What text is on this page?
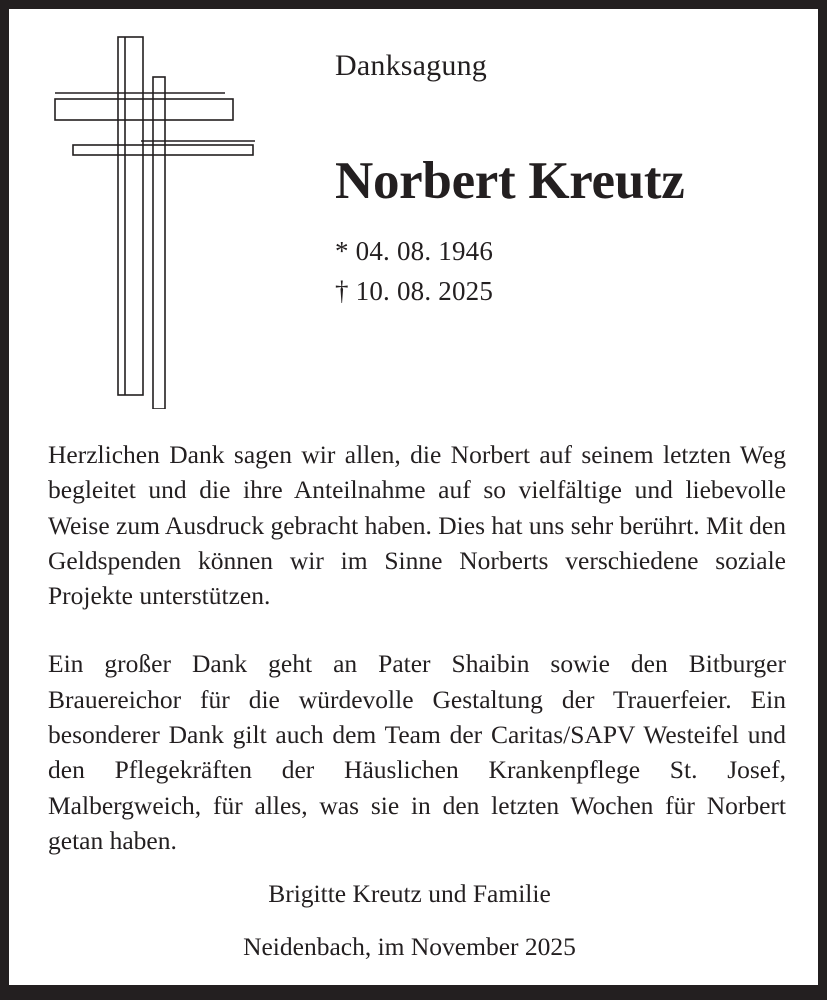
Danksagung
Norbert Kreutz
* 04. 08. 1946
† 10. 08. 2025

Herzlichen Dank sagen wir allen, die Norbert auf seinem letzten Weg begleitet und die ihre Anteilnahme auf so vielfältige und liebevolle Weise zum Ausdruck gebracht haben. Dies hat uns sehr berührt. Mit den Geldspenden können wir im Sinne Norberts verschiedene soziale Projekte unterstützen.

Ein großer Dank geht an Pater Shaibin sowie den Bitburger Brauereichor für die würdevolle Gestaltung der Trauerfeier. Ein besonderer Dank gilt auch dem Team der Caritas/SAPV Westeifel und den Pflegekräften der Häuslichen Krankenpflege St. Josef, Malbergweich, für alles, was sie in den letzten Wochen für Norbert getan haben.

Brigitte Kreutz und Familie
Neidenbach, im November 2025
